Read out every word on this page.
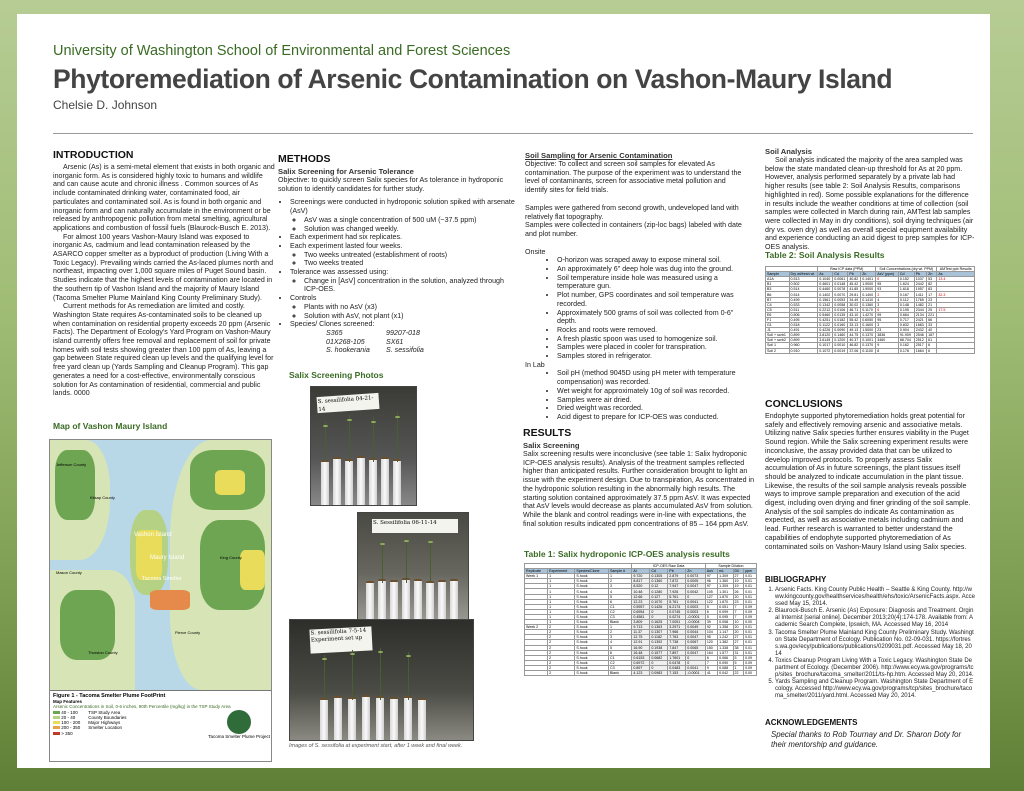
University of Washington School of Environmental and Forest Sciences
Phytoremediation of Arsenic Contamination on Vashon-Maury Island
Chelsie D. Johnson
INTRODUCTION

Arsenic (As) is a semi-metal element that exists in both organic and inorganic form. As is considered highly toxic to humans and wildlife and can cause acute and chronic illness . Common sources of As include contaminated drinking water, contaminated food, air particulates and contaminated soil. As is found in both organic and inorganic form and can naturally accumulate in the environment or be released by anthropogenic pollution from metal smelting, agricultural applications and combustion of fossil fuels (Blaurock-Busch E. 2013).

For almost 100 years Vashon-Maury Island was exposed to inorganic As, cadmium and lead contamination released by the ASARCO copper smelter as a byproduct of production (Living With a Toxic Legacy). Prevailing winds carried the As-laced plumes north and northeast, impacting over 1,000 square miles of Puget Sound basin. Studies indicate that the highest levels of contamination are located in the southern tip of Vashon Island and the majority of Maury Island (Tacoma Smelter Plume Mainland King County Preliminary Study).

Current methods for As remediation are limited and costly. Washington State requires As-contaminated soils to be cleaned up when contamination on residential property exceeds 20 ppm (Arsenic Facts). The Department of Ecology's Yard Program on Vashon-Maury island currently offers free removal and replacement of soil for private homes with soil tests showing greater than 100 ppm of As, leaving a gap between State required clean up levels and the qualifying level for free yard clean up (Yards Sampling and Cleanup Program). This gap generates a need for a cost-effective, environmentally conscious solution for As contamination of residential, commercial and public lands. 0000

Map of Vashon Maury Island
Jefferson County
Kitsap County
Vashon Island
Maury Island
Tacoma Smelter
King County
Mason County
Pierce County
Thurston County
Figure 1 - Tacoma Smelter Plume FootPrint
Map Features
Arsenic Concentrations in Soil, 0-6 inches, 90th Percentile (mg/kg) in the TSP Study Area
40 - 100
20 - 40
100 - 200
200 - 350
> 350
TSP Study Area
County Boundaries
Major Highways
Smelter Location
Tacoma Smelter Plume Project
METHODS
Salix Screening for Arsenic Tolerance

Objective: to quickly screen Salix species for As tolerance in hydroponic solution to identify candidates for further study.

• Screenings were conducted in hydroponic solution spiked with arsenate (AsV)
◦ AsV was a single concentration of 500 uM (~37.5 ppm)
◦ Solution was changed weekly.
• Each experiment had six replicates.
• Each experiment lasted four weeks.
◦ Two weeks untreated (establishment of roots)
◦ Two weeks treated
• Tolerance was assessed using:
◦ Change in [AsV] concentration in the solution, analyzed through ICP-OES.
• Controls
◦ Plants with no AsV (x3)
◦ Solution with AsV, not plant (x1)
• Species/ Clones screened:
S365	99207-018
01X268-105	SX61
S. hookerania	S. sessifolia
Salix Screening Photos
S. sessilifolia 04-21-14
S. Sessilifolia 06-11-14
S. sessilifolia 7-5-14 Experiment set up
Images of S. sessifolia at experiment start, after 1 week and final week.
Soil Sampling for Arsenic Contamination

Objective: To collect and screen soil samples for elevated As contamination. The purpose of the experiment was to understand the level of contaminants, screen for associative metal pollution and identify sites for field trials.

Samples were gathered from second growth, undeveloped land with relatively flat topography.

Samples were collected in containers (zip-loc bags) labeled with date and plot number.

Onsite

• O-horizon was scraped away to expose mineral soil.
• An approximately 6" deep hole was dug into the ground.
• Soil temperature inside hole was measured using a temperature gun.
• Plot number, GPS coordinates and soil temperature was recorded.
• Approximately 500 grams of soil was collected from 0-6" depth.
• Rocks and roots were removed.
• A fresh plastic spoon was used to homogenize soil.
• Samples were placed in cooler for transpiration.
• Samples stored in refrigerator.

In Lab

• Soil pH (method 9045D using pH meter with temperature compensation) was recorded.
• Wet weight for approximately 10g of soil was recorded.
• Samples were air dried.
• Dried weight was recorded.
• Acid digest to prepare for ICP-OES was conducted.
RESULTS
Salix Screening

Salix screening results were inconclusive (see table 1: Salix hydroponic ICP-OES analysis results). Analysis of the treatment samples reflected higher than anticipated results. Further consideration brought to light an issue with the experiment design. Due to transpiration, As concentrated in the hydroponic solution resulting in the abnormally high results. The starting solution contained approximately 37.5 ppm AsV. It was expected that AsV levels would decrease as plants accumulated AsV from solution. While the blank and control readings were in-line with expectations, the final solution results indicated ppm concentrations of 85 – 164 ppm AsV.

Table 1: Salix hydroponic ICP-OES analysis results
				ICP-OES Raw Data				Sample Dilution			
Replicate	Experiment	Species/Clone	Sample #	Al	Cd	Pb	Zn	AsV	mL	Dil.	ppm
Week 1	1	S.hook	1	9.720	0.1305	2.879	0.0073	97	1.309	27	0.01
	1	S.hook	2	8.817	0.1360	7.872	0.0005	96	1.360	19	0.01
	1	S.hook	3	8.520	0.12	7.947	0.0047	97	1.309	19	0.01
	1	S.hook	4	10.48	0.1280	7.926	0.0042	105	1.301	26	0.01
	1	S.hook	5	12.66	0.127	5.761	0	127	1.870	20	0.01
	1	S.hook	6	12.23	0.1070	5.761	0.0041	122	1.870	23	0.01
	1	S.hook	C1	0.5957	0.1426	6.2174	0.0003	5	0.051	7	0.09
	1	S.hook	C2	0.6954	0	0.0745	0.0003	6	0.099	7	0.09
	1	S.hook	C3	0.4581	0	0.0274	-0.0001	5	0.095	7	0.09
	1	S.hook	Blank	3.809	0.1625	7.0051	-0.0004	39	0.058	10	0.00
Week 2	2	S.hook	1	9.713	0.1363	3.2971	0.0049	92	1.358	20	0.01
	2	S.hook	2	11.37	0.1307	7.966	0.0044	104	1.147	20	0.01
	2	S.hook	3	12.75	0.1182	7.763	0.0047	95	1.242	27	0.01
	2	S.hook	4	12.91	0.1392	7.738	0.0067	120	1.382	27	0.01
	2	S.hook	5	16.90	0.1938	7.847	0.0065	150	1.338	38	0.01
	2	S.hook	6	16.48	0.1577	7.897	0.0047	164	1.577	31	0.01
	2	S.hook	C1	0.6153	0.0682	1.7601	0	6	0.066	5	0.09
	2	S.hook	C2	0.6972	0	0.0478	0	7	0.090	5	0.09
	2	S.hook	C3	0.897	0	0.0483	0.0041	9	0.088	1	0.09
	2	S.hook	Blank	4.123	0.0983	7.153	-0.0001	41	0.042	22	0.00
Soil Analysis

Soil analysis indicated the majority of the area sampled was below the state mandated clean-up threshold for As at 20 ppm. However, analysis performed separately by a private lab had higher results (see table 2: Soil Analysis Results, comparisons highlighted in red). Some possible explanations for the difference in results include the weather conditions at time of collection (soil samples were collected in March during rain, AMTest lab samples were collected in May in dry conditions), soil drying techniques (air dry vs. oven dry) as well as overall special equipment availability and experience conducting an acid digest to prep samples for ICP-OES analysis.

Table 2: Soil Analysis Results
		Raw ICP data (PPM)				Soil Concentrations (dry wt. PPM)				AMTest ppb Results
Sample	Dry wt/fresh wt	As	Cd	Pb	Zn	AsV (ppm)	Cd	Pb	Zn	As
A1A	0.513	0.1040	0.0061	40.82	0.1401	6	0.152	1037	53	13.4
B1	0.502	0.4601	0.0148	45.42	1.9000	95	1.624	2442	82	
B3	0.514	0.4460	0.0078	41.85	1.9000	93	1.618	1957	83	
B6	0.514	0.1402	0.0070	29.81	0.1400	3	0.167	1411	17	32.3
B7	0.499	0.1561	0.0053	34.49	0.1410	4	0.112	1765	23	
C4	0.533	0.1342	0.0058	30.02	0.1360	3	0.148	1482	21	
C5	0.511	0.2212	0.0106	46.71	0.1170	6	0.195	2344	25	17.5
E6	0.506	0.5460	0.0135	43.10	1.4270	99	0.664	2134	221	
F1	0.495	0.4251	0.0182	55.42	0.6050	95	0.717	2421	66	
G1	0.518	0.1122	0.0160	33.13	0.1600	3	0.832	1683	33	
J1	0.491	0.4226	0.0090	49.13	1.5000	23	0.904	2432	40	
Soil + scrb1	0.899	3.8120	0.1460	44.75	0.1370	3836	91.909	2546	187	
Soil + scrb2	0.899	3.6145	0.1200	40.37	0.1001	3460	88.704	2512	61	
Soil 1	0.960	0.1017	0.0010	46.82	0.1370	9	0.162	2517	6	
Soil 2	0.910	0.1072	0.0019	37.06	0.1100	8	0.178	1664	6	
CONCLUSIONS

Endophyte supported phytoremediation holds great potential for safely and effectively removing arsenic and associative metals. Utilizing native Salix species further ensures viability in the Puget Sound region. While the Salix screening experiment results were inconclusive, the assay provided data that can be utilized to develop improved protocols. To properly assess Salix accumulation of As in future screenings, the plant tissues itself should be analyzed to indicate accumulation in the plant tissue. Likewise, the results of the soil sample analysis reveals possible ways to improve sample preparation and execution of the acid digest, including oven drying and finer grinding of the soil sample. Analysis of the soil samples do indicate As contamination as expected, as well as associative metals including cadmium and lead. Further research is warranted to better understand the capabilities of endophyte supported phytoremediation of As contaminated soils on Vashon-Maury Island using Salix species.

BIBLIOGRAPHY
1. Arsenic Facts. King County Public Health – Seattle & King County. http://www.kingcounty.gov/healthservices/health/ehs/toxic/ArsenicFacts.aspx. Accessed May 15, 2014.
2. Blaurock-Busch E. Arsenic (As) Exposure: Diagnosis and Treatment. Orginal Internist [serial online]. December 2013;20(4):174-178. Available from: Academic Search Complete, Ipswich, MA. Accessed May 16, 2014
3. Tacoma Smelter Plume Mainland King County Preliminary Study. Washington State Department of Ecology. Publication No. 02-09-031. https://fortress.wa.gov/ecy/publications/publications/0209031.pdf. Accessed May 18, 2014
4. Toxics Cleanup Program Living With a Toxic Legacy. Washington State Department of Ecology. (December 2006). http://www.ecy.wa.gov/programs/tcp/sites_brochure/tacoma_smelter/2011/ts-hp.htm. Accessed May 20, 2014.
5. Yards Sampling and Cleanup Program. Washington State Department of Ecology. Accessed http://www.ecy.wa.gov/programs/tcp/sites_brochure/tacoma_smelter/2011/yard.html. Accessed May 20, 2014.
ACKNOWLEDGEMENTS

Special thanks to Rob Tournay and Dr. Sharon Doty for their mentorship and guidance.
